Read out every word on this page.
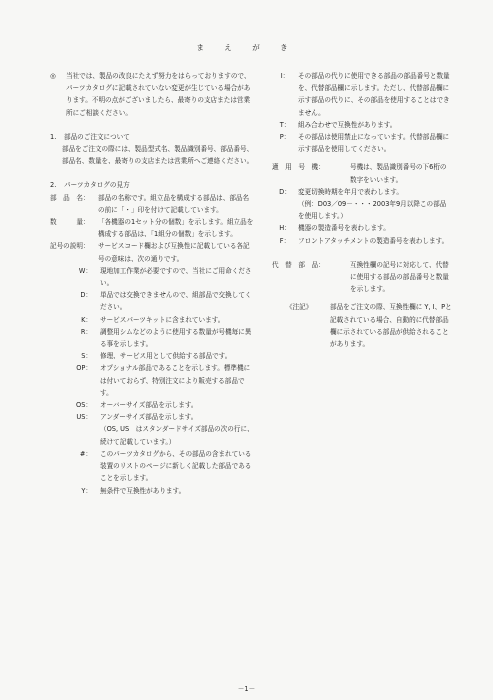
ま え が き
◎	当社では、製品の改良にたえず努力をはらっておりますので、パーツカタログに記載されていない変更が生じている場合があります。不明の点がございましたら、最寄りの支店または営業所にご相談ください。
1.	部品のご注文について
部品をご注文の際には、製品型式名、製品識別番号、部品番号、部品名、数量を、最寄りの支店または営業所へご連絡ください。
2.	パーツカタログの見方
部　品　名：	部品の名称です。組立品を構成する部品は、部品名の前に「・」印を付けて記載しています。
数　　　量：	「各機器の1セット分の個数」を示します。組立品を構成する部品は、「1組分の個数」を示します。
記号の説明：	サービスコード欄および互換性に記載している各記号の意味は、次の通りです。
W：	現地加工作業が必要ですので、当社にご用命ください。
D：	単品では交換できませんので、組部品で交換してください。
K：	サービスパーツキットに含まれています。
R：	調整用シムなどのように使用する数量が号機毎に異る事を示します。
S：	修理、サービス用として供給する部品です。
OP：	オプショナル部品であることを示します。標準機には付いておらず、特別注文により販売する部品です。
OS：	オーバーサイズ部品を示します。
US：	アンダーサイズ部品を示します。
（OS, US　はスタンダードサイズ部品の次の行に、続けて記載しています。）
#：	このパーツカタログから、その部品の含まれている装置のリストのページに新しく記載した部品であることを示します。
Y：	無条件で互換性があります。
I：	その部品の代りに使用できる部品の部品番号と数量を、代替部品欄に示します。ただし、代替部品欄に示す部品の代りに、その部品を使用することはできません。
T：	組み合わせで互換性があります。
P：	その部品は使用禁止になっています。代替部品欄に示す部品を使用してください。
適　用　号　機：	号機は、製品識別番号の下6桁の数字をいいます。
D：	変更切換時期を年月で表わします。
（例：D03／09－・・・2003年9月以降この部品を使用します。）
H：	機器の製造番号を表わします。
F：	フロントアタッチメントの製造番号を表わします。
代　替　部　品：	互換性欄の記号に対応して、代替に使用する部品の部品番号と数量を示します。
《注記》	部品をご注文の際、互換性欄に Y, I、Pと記載されている場合、自動的に代替部品欄に示されている部品が供給されることがあります。
－1－
